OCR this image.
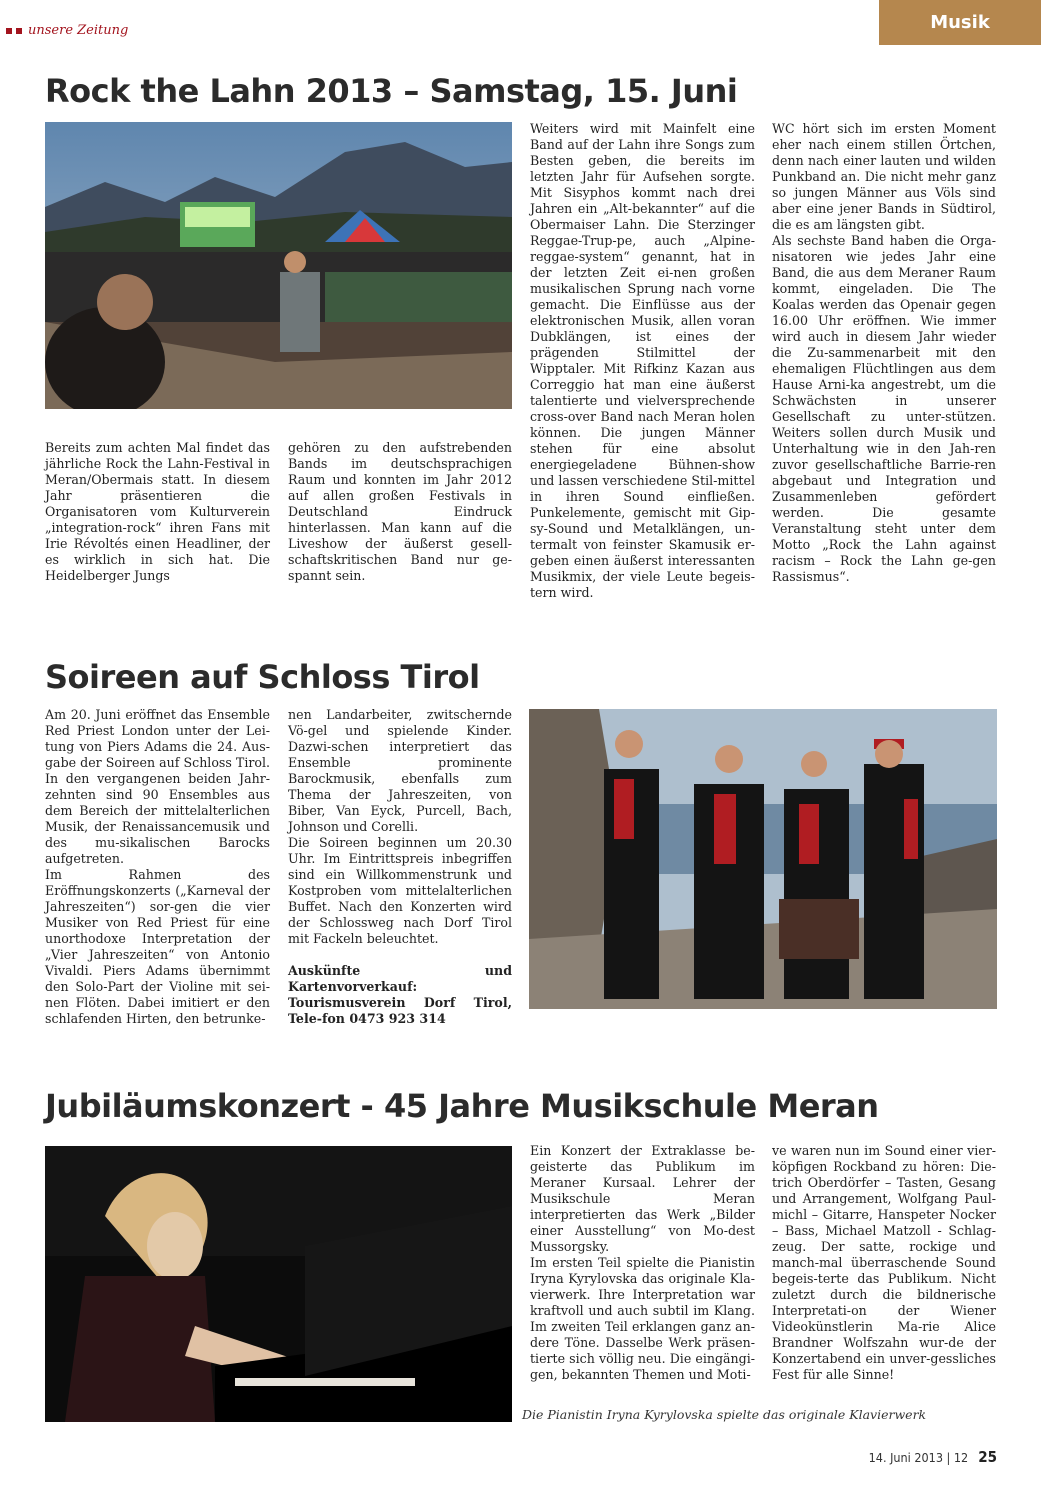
unsere Zeitung	Musik
Rock the Lahn 2013 – Samstag, 15. Juni

Bereits zum achten Mal findet das jährliche Rock the Lahn-Festival in Meran/Obermais statt. In diesem Jahr präsentieren die Organisatoren vom Kulturverein „integration-rock“ ihren Fans mit Irie Révoltés einen Headliner, der es wirklich in sich hat. Die Heidelberger Jungs

gehören zu den aufstrebenden Bands im deutschsprachigen Raum und konnten im Jahr 2012 auf allen großen Festivals in Deutschland Eindruck hinterlassen. Man kann auf die Liveshow der äußerst gesell-schaftskritischen Band nur ge-spannt sein.

Weiters wird mit Mainfelt eine Band auf der Lahn ihre Songs zum Besten geben, die bereits im letzten Jahr für Aufsehen sorgte. Mit Sisyphos kommt nach drei Jahren ein „Alt-bekannter“ auf die Obermaiser Lahn. Die Sterzinger Reggae-Trup-pe, auch „Alpine-reggae-system“ genannt, hat in der letzten Zeit ei-nen großen musikalischen Sprung nach vorne gemacht. Die Einflüsse aus der elektronischen Musik, allen voran Dubklängen, ist eines der prägenden Stilmittel der Wipptaler. Mit Rifkinz Kazan aus Correggio hat man eine äußerst talentierte und vielversprechende cross-over Band nach Meran holen können. Die jungen Männer stehen für eine absolut energiegeladene Bühnen-show und lassen verschiedene Stil-mittel in ihren Sound einfließen. Punkelemente, gemischt mit Gip-sy-Sound und Metalklängen, un-termalt von feinster Skamusik er-geben einen äußerst interessanten Musikmix, der viele Leute begeis-tern wird.

WC hört sich im ersten Moment eher nach einem stillen Örtchen, denn nach einer lauten und wilden Punkband an. Die nicht mehr ganz so jungen Männer aus Völs sind aber eine jener Bands in Südtirol, die es am längsten gibt.

Als sechste Band haben die Orga-nisatoren wie jedes Jahr eine Band, die aus dem Meraner Raum kommt, eingeladen. Die The Koalas werden das Openair gegen 16.00 Uhr eröffnen. Wie immer wird auch in diesem Jahr wieder die Zu-sammenarbeit mit den ehemaligen Flüchtlingen aus dem Hause Arni-ka angestrebt, um die Schwächsten in unserer Gesellschaft zu unter-stützen. Weiters sollen durch Musik und Unterhaltung wie in den Jah-ren zuvor gesellschaftliche Barrie-ren abgebaut und Integration und Zusammenleben gefördert werden. Die gesamte Veranstaltung steht unter dem Motto „Rock the Lahn against racism – Rock the Lahn ge-gen Rassismus“.

Soireen auf Schloss Tirol

Am 20. Juni eröffnet das Ensemble Red Priest London unter der Lei-tung von Piers Adams die 24. Aus-gabe der Soireen auf Schloss Tirol. In den vergangenen beiden Jahr-zehnten sind 90 Ensembles aus dem Bereich der mittelalterlichen Musik, der Renaissancemusik und des mu-sikalischen Barocks aufgetreten.

Im Rahmen des Eröffnungskonzerts („Karneval der Jahreszeiten“) sor-gen die vier Musiker von Red Priest für eine unorthodoxe Interpretation der „Vier Jahreszeiten“ von Antonio Vivaldi. Piers Adams übernimmt den Solo-Part der Violine mit sei-nen Flöten. Dabei imitiert er den schlafenden Hirten, den betrunke-

nen Landarbeiter, zwitschernde Vö-gel und spielende Kinder. Dazwi-schen interpretiert das Ensemble prominente Barockmusik, ebenfalls zum Thema der Jahreszeiten, von Biber, Van Eyck, Purcell, Bach, Johnson und Corelli.

Die Soireen beginnen um 20.30 Uhr. Im Eintrittspreis inbegriffen sind ein Willkommenstrunk und Kostproben vom mittelalterlichen Buffet. Nach den Konzerten wird der Schlossweg nach Dorf Tirol mit Fackeln beleuchtet.

Auskünfte und Kartenvorverkauf: Tourismusverein Dorf Tirol, Tele-fon 0473 923 314

Jubiläumskonzert - 45 Jahre Musikschule Meran

Ein Konzert der Extraklasse be-geisterte das Publikum im Meraner Kursaal. Lehrer der Musikschule Meran interpretierten das Werk „Bilder einer Ausstellung“ von Mo-dest Mussorgsky.

Im ersten Teil spielte die Pianistin Iryna Kyrylovska das originale Kla-vierwerk. Ihre Interpretation war kraftvoll und auch subtil im Klang. Im zweiten Teil erklangen ganz an-dere Töne. Dasselbe Werk präsen-tierte sich völlig neu. Die eingängi-gen, bekannten Themen und Moti-

ve waren nun im Sound einer vier-köpfigen Rockband zu hören: Die-trich Oberdörfer – Tasten, Gesang und Arrangement, Wolfgang Paul-michl – Gitarre, Hanspeter Nocker – Bass, Michael Matzoll - Schlag-zeug. Der satte, rockige und manch-mal überraschende Sound begeis-terte das Publikum. Nicht zuletzt durch die bildnerische Interpretati-on der Wiener Videokünstlerin Ma-rie Alice Brandner Wolfszahn wur-de der Konzertabend ein unver-gessliches Fest für alle Sinne!

Die Pianistin Iryna Kyrylovska spielte das originale Klavierwerk
14. Juni 2013 | 12 25
